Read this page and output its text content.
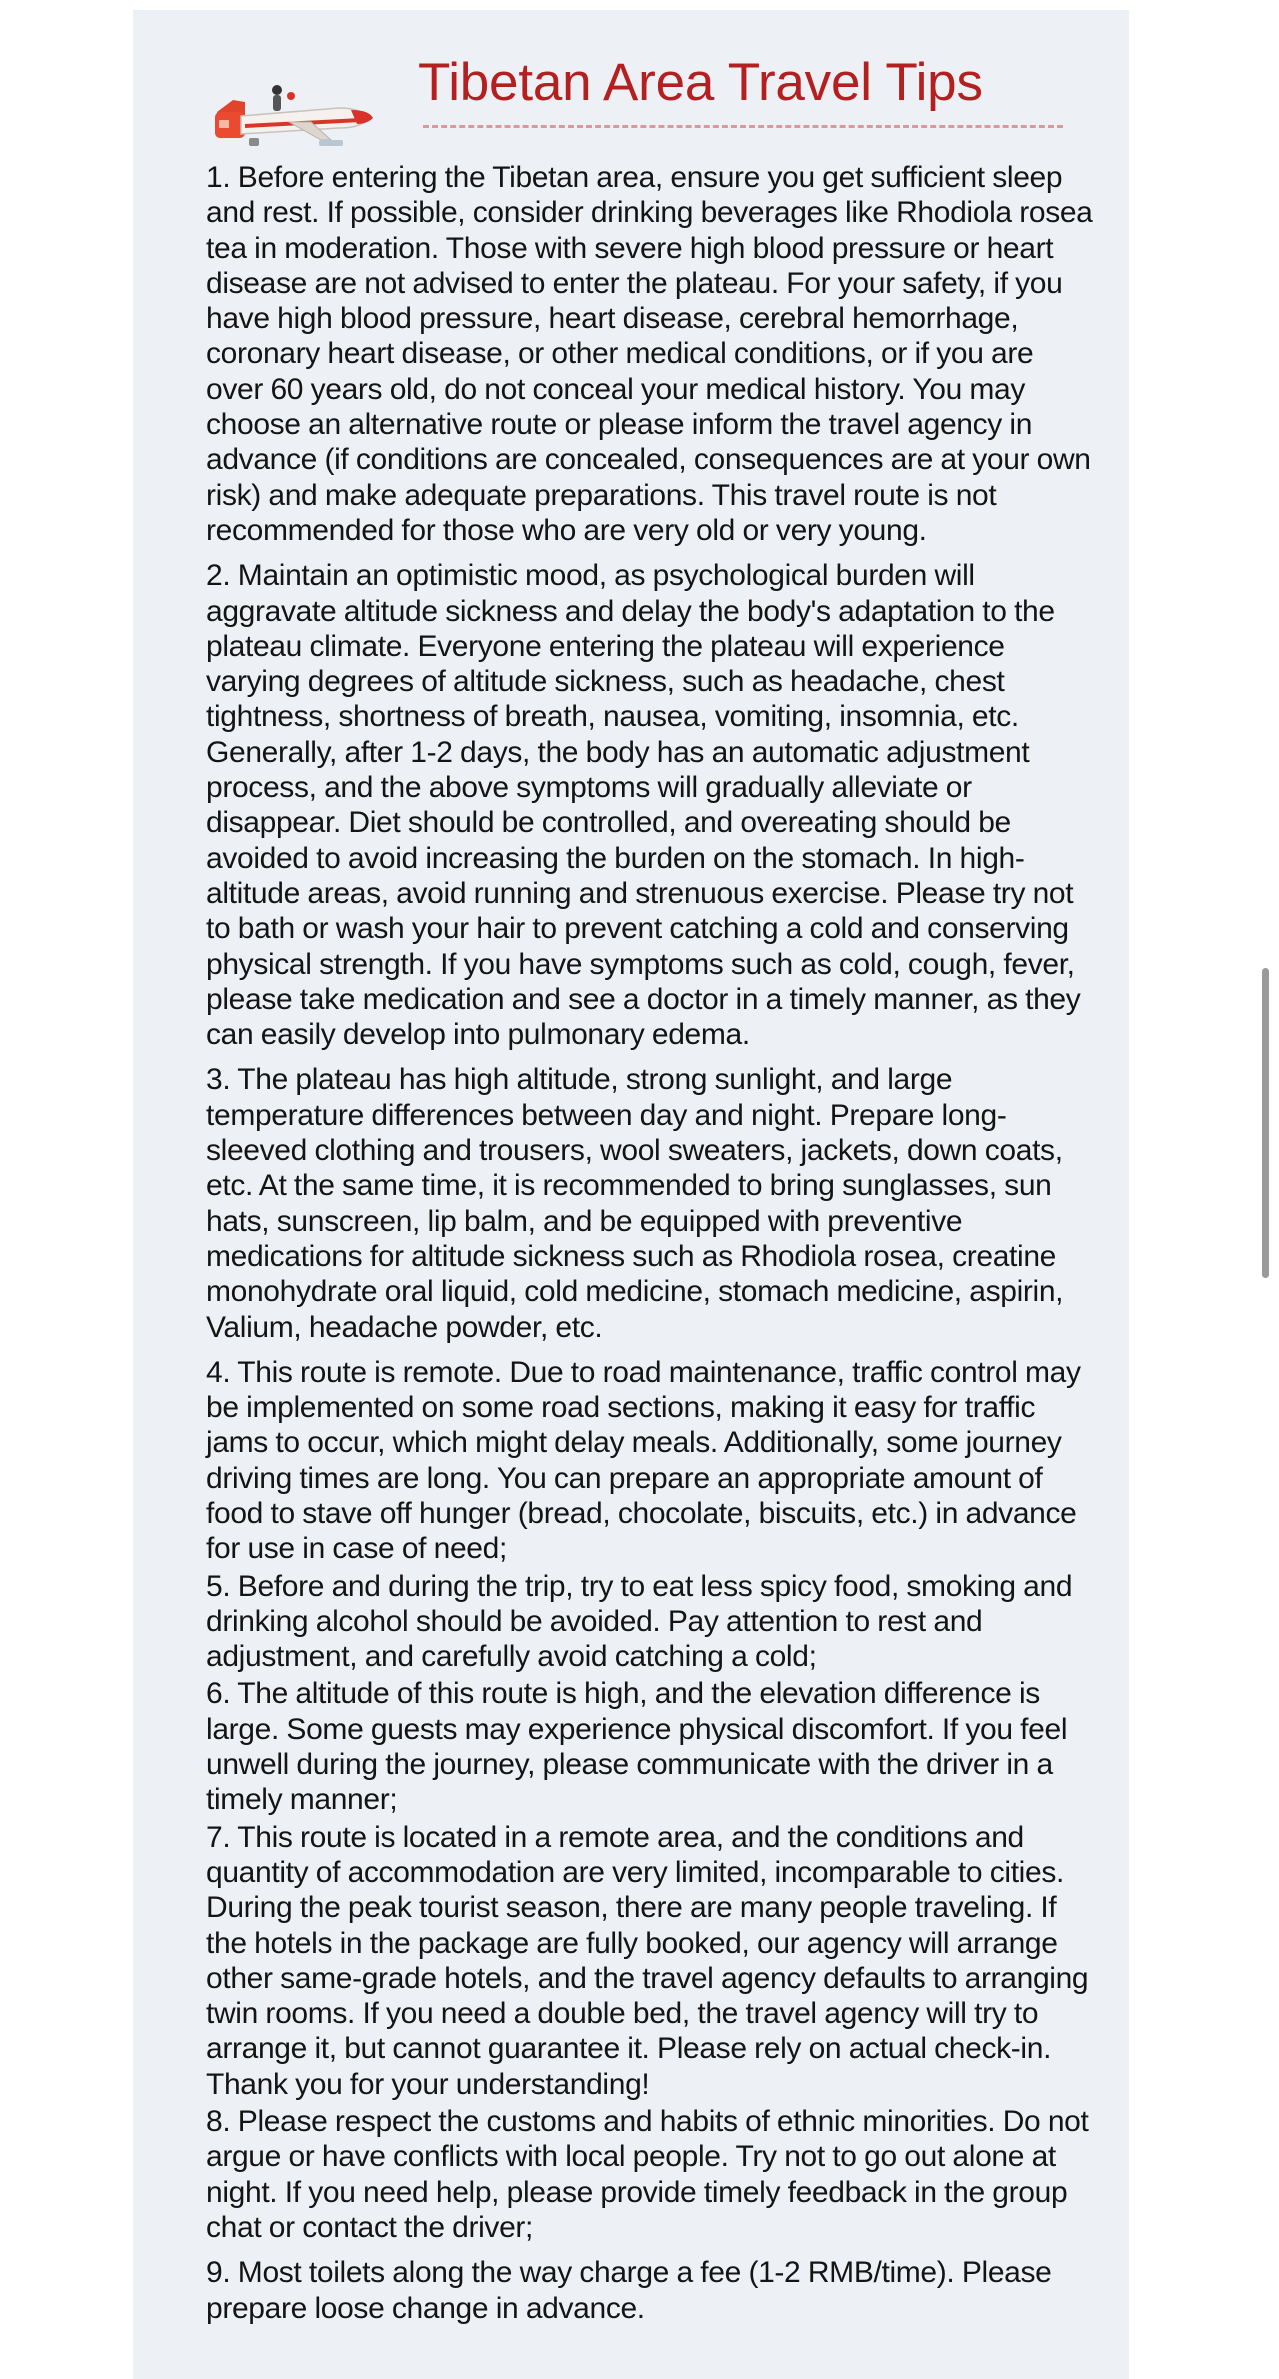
Tibetan Area Travel Tips
1. Before entering the Tibetan area, ensure you get sufficient sleep and rest. If possible, consider drinking beverages like Rhodiola rosea tea in moderation. Those with severe high blood pressure or heart disease are not advised to enter the plateau. For your safety, if you have high blood pressure, heart disease, cerebral hemorrhage, coronary heart disease, or other medical conditions, or if you are over 60 years old, do not conceal your medical history. You may choose an alternative route or please inform the travel agency in advance (if conditions are concealed, consequences are at your own risk) and make adequate preparations. This travel route is not recommended for those who are very old or very young.
2. Maintain an optimistic mood, as psychological burden will aggravate altitude sickness and delay the body's adaptation to the plateau climate. Everyone entering the plateau will experience varying degrees of altitude sickness, such as headache, chest tightness, shortness of breath, nausea, vomiting, insomnia, etc. Generally, after 1-2 days, the body has an automatic adjustment process, and the above symptoms will gradually alleviate or disappear. Diet should be controlled, and overeating should be avoided to avoid increasing the burden on the stomach. In high-altitude areas, avoid running and strenuous exercise. Please try not to bath or wash your hair to prevent catching a cold and conserving physical strength. If you have symptoms such as cold, cough, fever, please take medication and see a doctor in a timely manner, as they can easily develop into pulmonary edema.
3. The plateau has high altitude, strong sunlight, and large temperature differences between day and night. Prepare long-sleeved clothing and trousers, wool sweaters, jackets, down coats, etc. At the same time, it is recommended to bring sunglasses, sun hats, sunscreen, lip balm, and be equipped with preventive medications for altitude sickness such as Rhodiola rosea, creatine monohydrate oral liquid, cold medicine, stomach medicine, aspirin, Valium, headache powder, etc.
4. This route is remote. Due to road maintenance, traffic control may be implemented on some road sections, making it easy for traffic jams to occur, which might delay meals. Additionally, some journey driving times are long. You can prepare an appropriate amount of food to stave off hunger (bread, chocolate, biscuits, etc.) in advance for use in case of need;
5. Before and during the trip, try to eat less spicy food, smoking and drinking alcohol should be avoided. Pay attention to rest and adjustment, and carefully avoid catching a cold;
6. The altitude of this route is high, and the elevation difference is large. Some guests may experience physical discomfort. If you feel unwell during the journey, please communicate with the driver in a timely manner;
7. This route is located in a remote area, and the conditions and quantity of accommodation are very limited, incomparable to cities. During the peak tourist season, there are many people traveling. If the hotels in the package are fully booked, our agency will arrange other same-grade hotels, and the travel agency defaults to arranging twin rooms. If you need a double bed, the travel agency will try to arrange it, but cannot guarantee it. Please rely on actual check-in. Thank you for your understanding!
8. Please respect the customs and habits of ethnic minorities. Do not argue or have conflicts with local people. Try not to go out alone at night. If you need help, please provide timely feedback in the group chat or contact the driver;
9. Most toilets along the way charge a fee (1-2 RMB/time). Please prepare loose change in advance.
